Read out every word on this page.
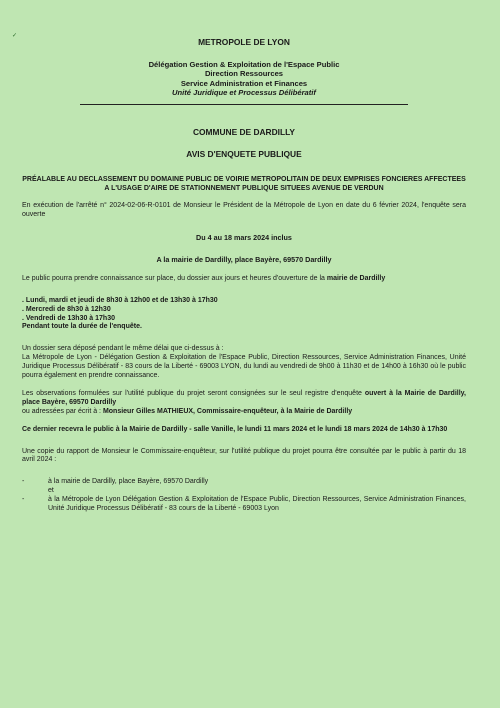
✓
METROPOLE DE LYON
Délégation Gestion & Exploitation de l'Espace Public
Direction Ressources
Service Administration et Finances
Unité Juridique et Processus Délibératif
COMMUNE DE DARDILLY
AVIS D'ENQUETE PUBLIQUE
PRÉALABLE AU DECLASSEMENT DU DOMAINE PUBLIC DE VOIRIE METROPOLITAIN DE DEUX EMPRISES FONCIERES AFFECTEES A L'USAGE D'AIRE DE STATIONNEMENT PUBLIQUE SITUEES AVENUE DE VERDUN

En exécution de l'arrêté n° 2024-02-06-R-0101 de Monsieur le Président de la Métropole de Lyon en date du 6 février 2024, l'enquête sera ouverte

Du 4 au 18 mars 2024 inclus
A la mairie de Dardilly, place Bayère, 69570 Dardilly

Le public pourra prendre connaissance sur place, du dossier aux jours et heures d'ouverture de la mairie de Dardilly

. Lundi, mardi et jeudi de 8h30 à 12h00 et de 13h30 à 17h30
. Mercredi de 8h30 à 12h30
. Vendredi de 13h30 à 17h30
Pendant toute la durée de l'enquête.

Un dossier sera déposé pendant le même délai que ci-dessus à :

La Métropole de Lyon - Délégation Gestion & Exploitation de l'Espace Public, Direction Ressources, Service Administration Finances, Unité Juridique Processus Délibératif - 83 cours de la Liberté - 69003 LYON, du lundi au vendredi de 9h00 à 11h30 et de 14h00 à 16h30 où le public pourra également en prendre connaissance.

Les observations formulées sur l'utilité publique du projet seront consignées sur le seul registre d'enquête ouvert à la Mairie de Dardilly, place Bayère, 69570 Dardilly
ou adressées par écrit à : Monsieur Gilles MATHIEUX, Commissaire-enquêteur, à la Mairie de Dardilly

Ce dernier recevra le public à la Mairie de Dardilly - salle Vanille, le lundi 11 mars 2024 et le lundi 18 mars 2024 de 14h30 à 17h30

Une copie du rapport de Monsieur le Commissaire-enquêteur, sur l'utilité publique du projet pourra être consultée par le public à partir du 18 avril 2024 :

-	à la mairie de Dardilly, place Bayère, 69570 Dardilly
et
-	à la Métropole de Lyon Délégation Gestion & Exploitation de l'Espace Public, Direction Ressources, Service Administration Finances, Unité Juridique Processus Délibératif - 83 cours de la Liberté - 69003 Lyon
